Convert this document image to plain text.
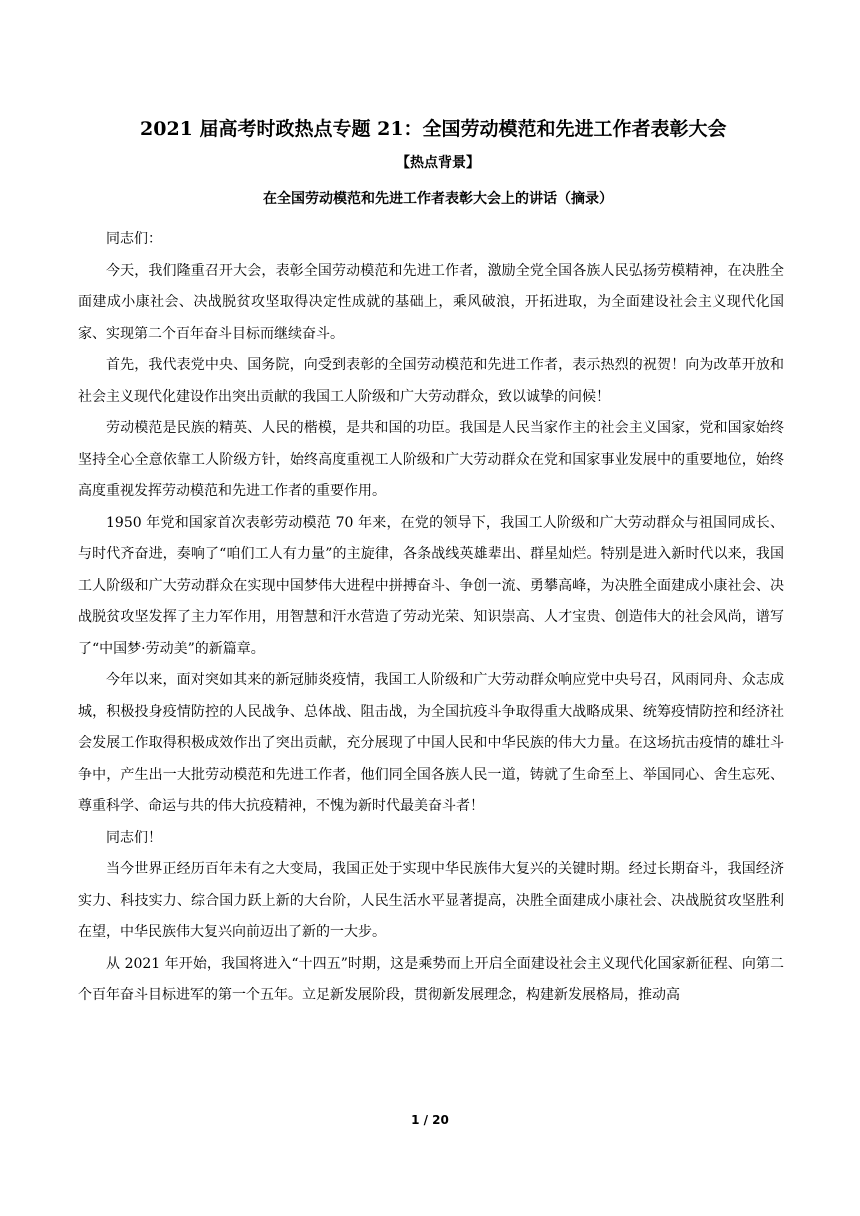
2021 届高考时政热点专题 21：全国劳动模范和先进工作者表彰大会
【热点背景】
在全国劳动模范和先进工作者表彰大会上的讲话（摘录）

同志们：

今天，我们隆重召开大会，表彰全国劳动模范和先进工作者，激励全党全国各族人民弘扬劳模精神，在决胜全面建成小康社会、决战脱贫攻坚取得决定性成就的基础上，乘风破浪，开拓进取，为全面建设社会主义现代化国家、实现第二个百年奋斗目标而继续奋斗。

首先，我代表党中央、国务院，向受到表彰的全国劳动模范和先进工作者，表示热烈的祝贺！向为改革开放和社会主义现代化建设作出突出贡献的我国工人阶级和广大劳动群众，致以诚挚的问候！

劳动模范是民族的精英、人民的楷模，是共和国的功臣。我国是人民当家作主的社会主义国家，党和国家始终坚持全心全意依靠工人阶级方针，始终高度重视工人阶级和广大劳动群众在党和国家事业发展中的重要地位，始终高度重视发挥劳动模范和先进工作者的重要作用。

1950 年党和国家首次表彰劳动模范 70 年来，在党的领导下，我国工人阶级和广大劳动群众与祖国同成长、与时代齐奋进，奏响了“咱们工人有力量”的主旋律，各条战线英雄辈出、群星灿烂。特别是进入新时代以来，我国工人阶级和广大劳动群众在实现中国梦伟大进程中拼搏奋斗、争创一流、勇攀高峰，为决胜全面建成小康社会、决战脱贫攻坚发挥了主力军作用，用智慧和汗水营造了劳动光荣、知识崇高、人才宝贵、创造伟大的社会风尚，谱写了“中国梦·劳动美”的新篇章。

今年以来，面对突如其来的新冠肺炎疫情，我国工人阶级和广大劳动群众响应党中央号召，风雨同舟、众志成城，积极投身疫情防控的人民战争、总体战、阻击战，为全国抗疫斗争取得重大战略成果、统筹疫情防控和经济社会发展工作取得积极成效作出了突出贡献，充分展现了中国人民和中华民族的伟大力量。在这场抗击疫情的雄壮斗争中，产生出一大批劳动模范和先进工作者，他们同全国各族人民一道，铸就了生命至上、举国同心、舍生忘死、尊重科学、命运与共的伟大抗疫精神，不愧为新时代最美奋斗者！

同志们！

当今世界正经历百年未有之大变局，我国正处于实现中华民族伟大复兴的关键时期。经过长期奋斗，我国经济实力、科技实力、综合国力跃上新的大台阶，人民生活水平显著提高，决胜全面建成小康社会、决战脱贫攻坚胜利在望，中华民族伟大复兴向前迈出了新的一大步。

从 2021 年开始，我国将进入“十四五”时期，这是乘势而上开启全面建设社会主义现代化国家新征程、向第二个百年奋斗目标进军的第一个五年。立足新发展阶段，贯彻新发展理念，构建新发展格局，推动高

1 / 20
